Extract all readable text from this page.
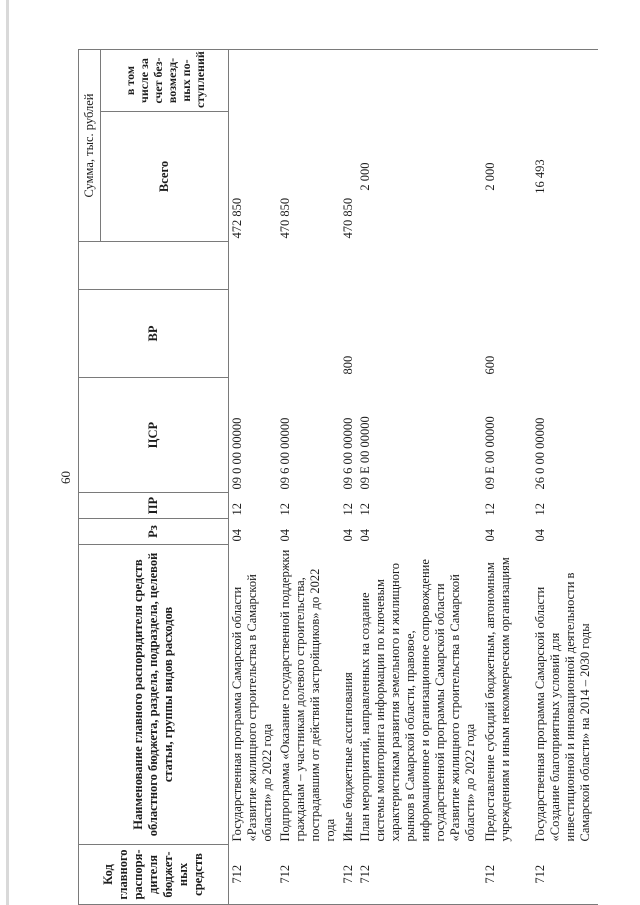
60
Код главного распоря-дителя бюджет-ных средств	Наименование главного распорядителя средств областного бюджета, раздела, подраздела, целевой статьи, группы видов расходов	Рз	ПР	ЦСР	ВР		Сумма, тыс. рублей	
							Всего	в том числе за счет без-возмезд-ных по-ступлений
712	Государственная программа Самарской области «Развитие жилищного строительства в Самарской области» до 2022 года	04	12	09 0 00 00000			472 850	
712	Подпрограмма «Оказание государственной поддержки гражданам – участникам долевого строительства, пострадавшим от действий застройщиков» до 2022 года	04	12	09 6 00 00000			470 850	
712	Иные бюджетные ассигнования	04	12	09 6 00 00000	800		470 850	
712	План мероприятий, направленных на создание системы мониторинга информации по ключевым характеристикам развития земельного и жилищного рынков в Самарской области, правовое, информационное и организационное сопровождение государственной программы Самарской области «Развитие жилищного строительства в Самарской области» до 2022 года	04	12	09 Е 00 00000			2 000	
712	Предоставление субсидий бюджетным, автономным учреждениям и иным некоммерческим организациям	04	12	09 Е 00 00000	600		2 000	
712	Государственная программа Самарской области «Создание благоприятных условий для инвестиционной и инновационной деятельности в Самарской области» на 2014 – 2030 годы	04	12	26 0 00 00000			16 493	
